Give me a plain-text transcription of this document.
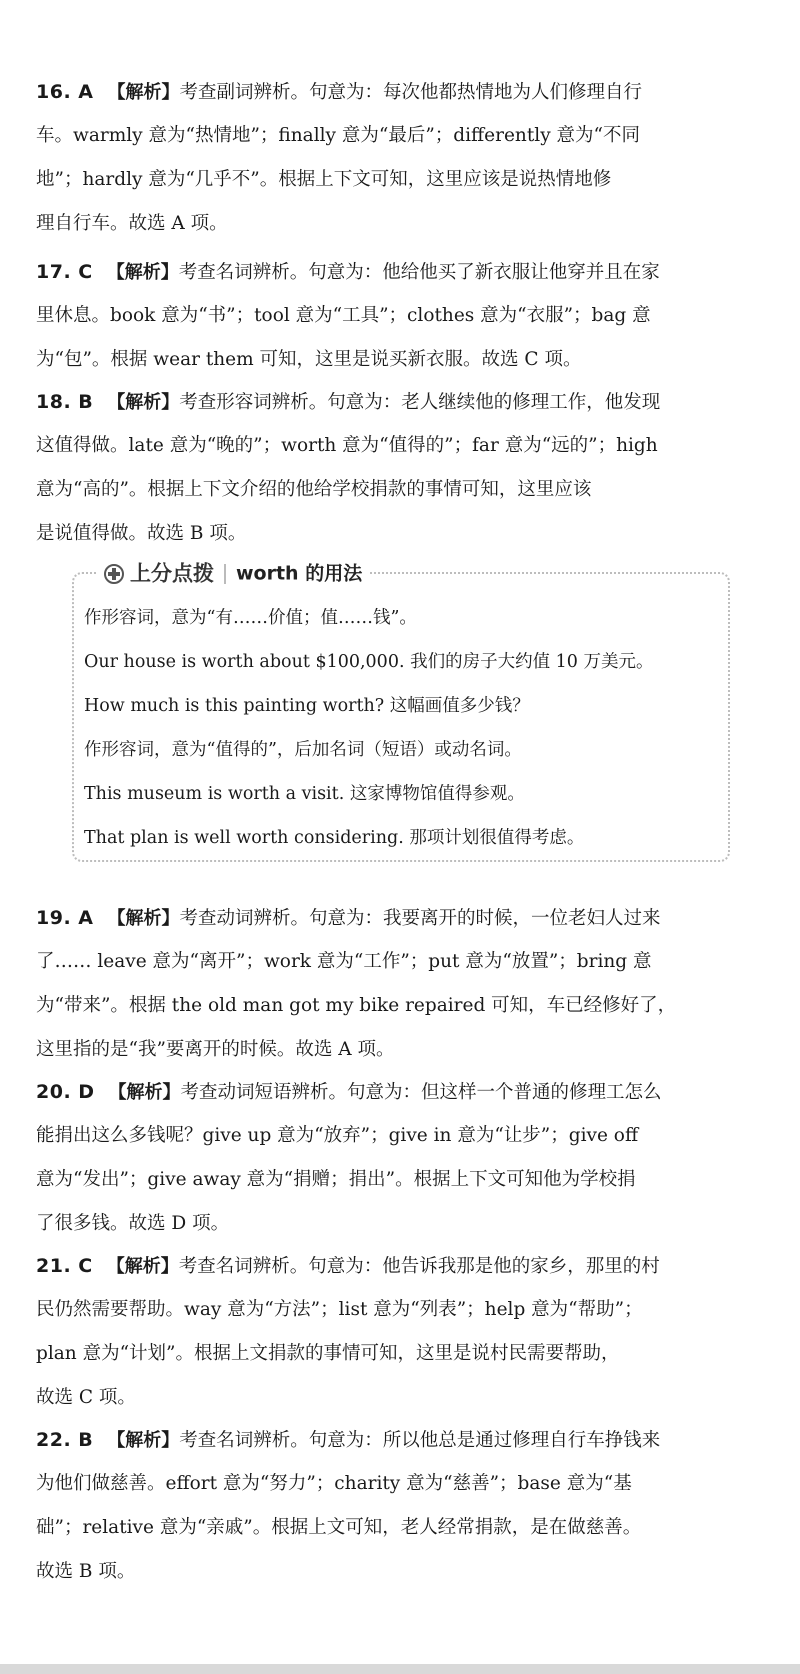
16. A 【解析】考查副词辨析。句意为：每次他都热情地为人们修理自行
车。warmly 意为“热情地”；finally 意为“最后”；differently 意为“不同
地”；hardly 意为“几乎不”。根据上下文可知，这里应该是说热情地修
理自行车。故选 A 项。
17. C 【解析】考查名词辨析。句意为：他给他买了新衣服让他穿并且在家
里休息。book 意为“书”；tool 意为“工具”；clothes 意为“衣服”；bag 意
为“包”。根据 wear them 可知，这里是说买新衣服。故选 C 项。
18. B 【解析】考查形容词辨析。句意为：老人继续他的修理工作，他发现
这值得做。late 意为“晚的”；worth 意为“值得的”；far 意为“远的”；high
意为“高的”。根据上下文介绍的他给学校捐款的事情可知，这里应该
是说值得做。故选 B 项。
上分点拨 worth 的用法
作形容词，意为“有……价值；值……钱”。
Our house is worth about $100,000. 我们的房子大约值 10 万美元。
How much is this painting worth? 这幅画值多少钱？
作形容词，意为“值得的”，后加名词（短语）或动名词。
This museum is worth a visit. 这家博物馆值得参观。
That plan is well worth considering. 那项计划很值得考虑。
19. A 【解析】考查动词辨析。句意为：我要离开的时候，一位老妇人过来
了…… leave 意为“离开”；work 意为“工作”；put 意为“放置”；bring 意
为“带来”。根据 the old man got my bike repaired 可知，车已经修好了，
这里指的是“我”要离开的时候。故选 A 项。
20. D 【解析】考查动词短语辨析。句意为：但这样一个普通的修理工怎么
能捐出这么多钱呢？give up 意为“放弃”；give in 意为“让步”；give off
意为“发出”；give away 意为“捐赠；捐出”。根据上下文可知他为学校捐
了很多钱。故选 D 项。
21. C 【解析】考查名词辨析。句意为：他告诉我那是他的家乡，那里的村
民仍然需要帮助。way 意为“方法”；list 意为“列表”；help 意为“帮助”；
plan 意为“计划”。根据上文捐款的事情可知，这里是说村民需要帮助，
故选 C 项。
22. B 【解析】考查名词辨析。句意为：所以他总是通过修理自行车挣钱来
为他们做慈善。effort 意为“努力”；charity 意为“慈善”；base 意为“基
础”；relative 意为“亲戚”。根据上文可知，老人经常捐款，是在做慈善。
故选 B 项。
